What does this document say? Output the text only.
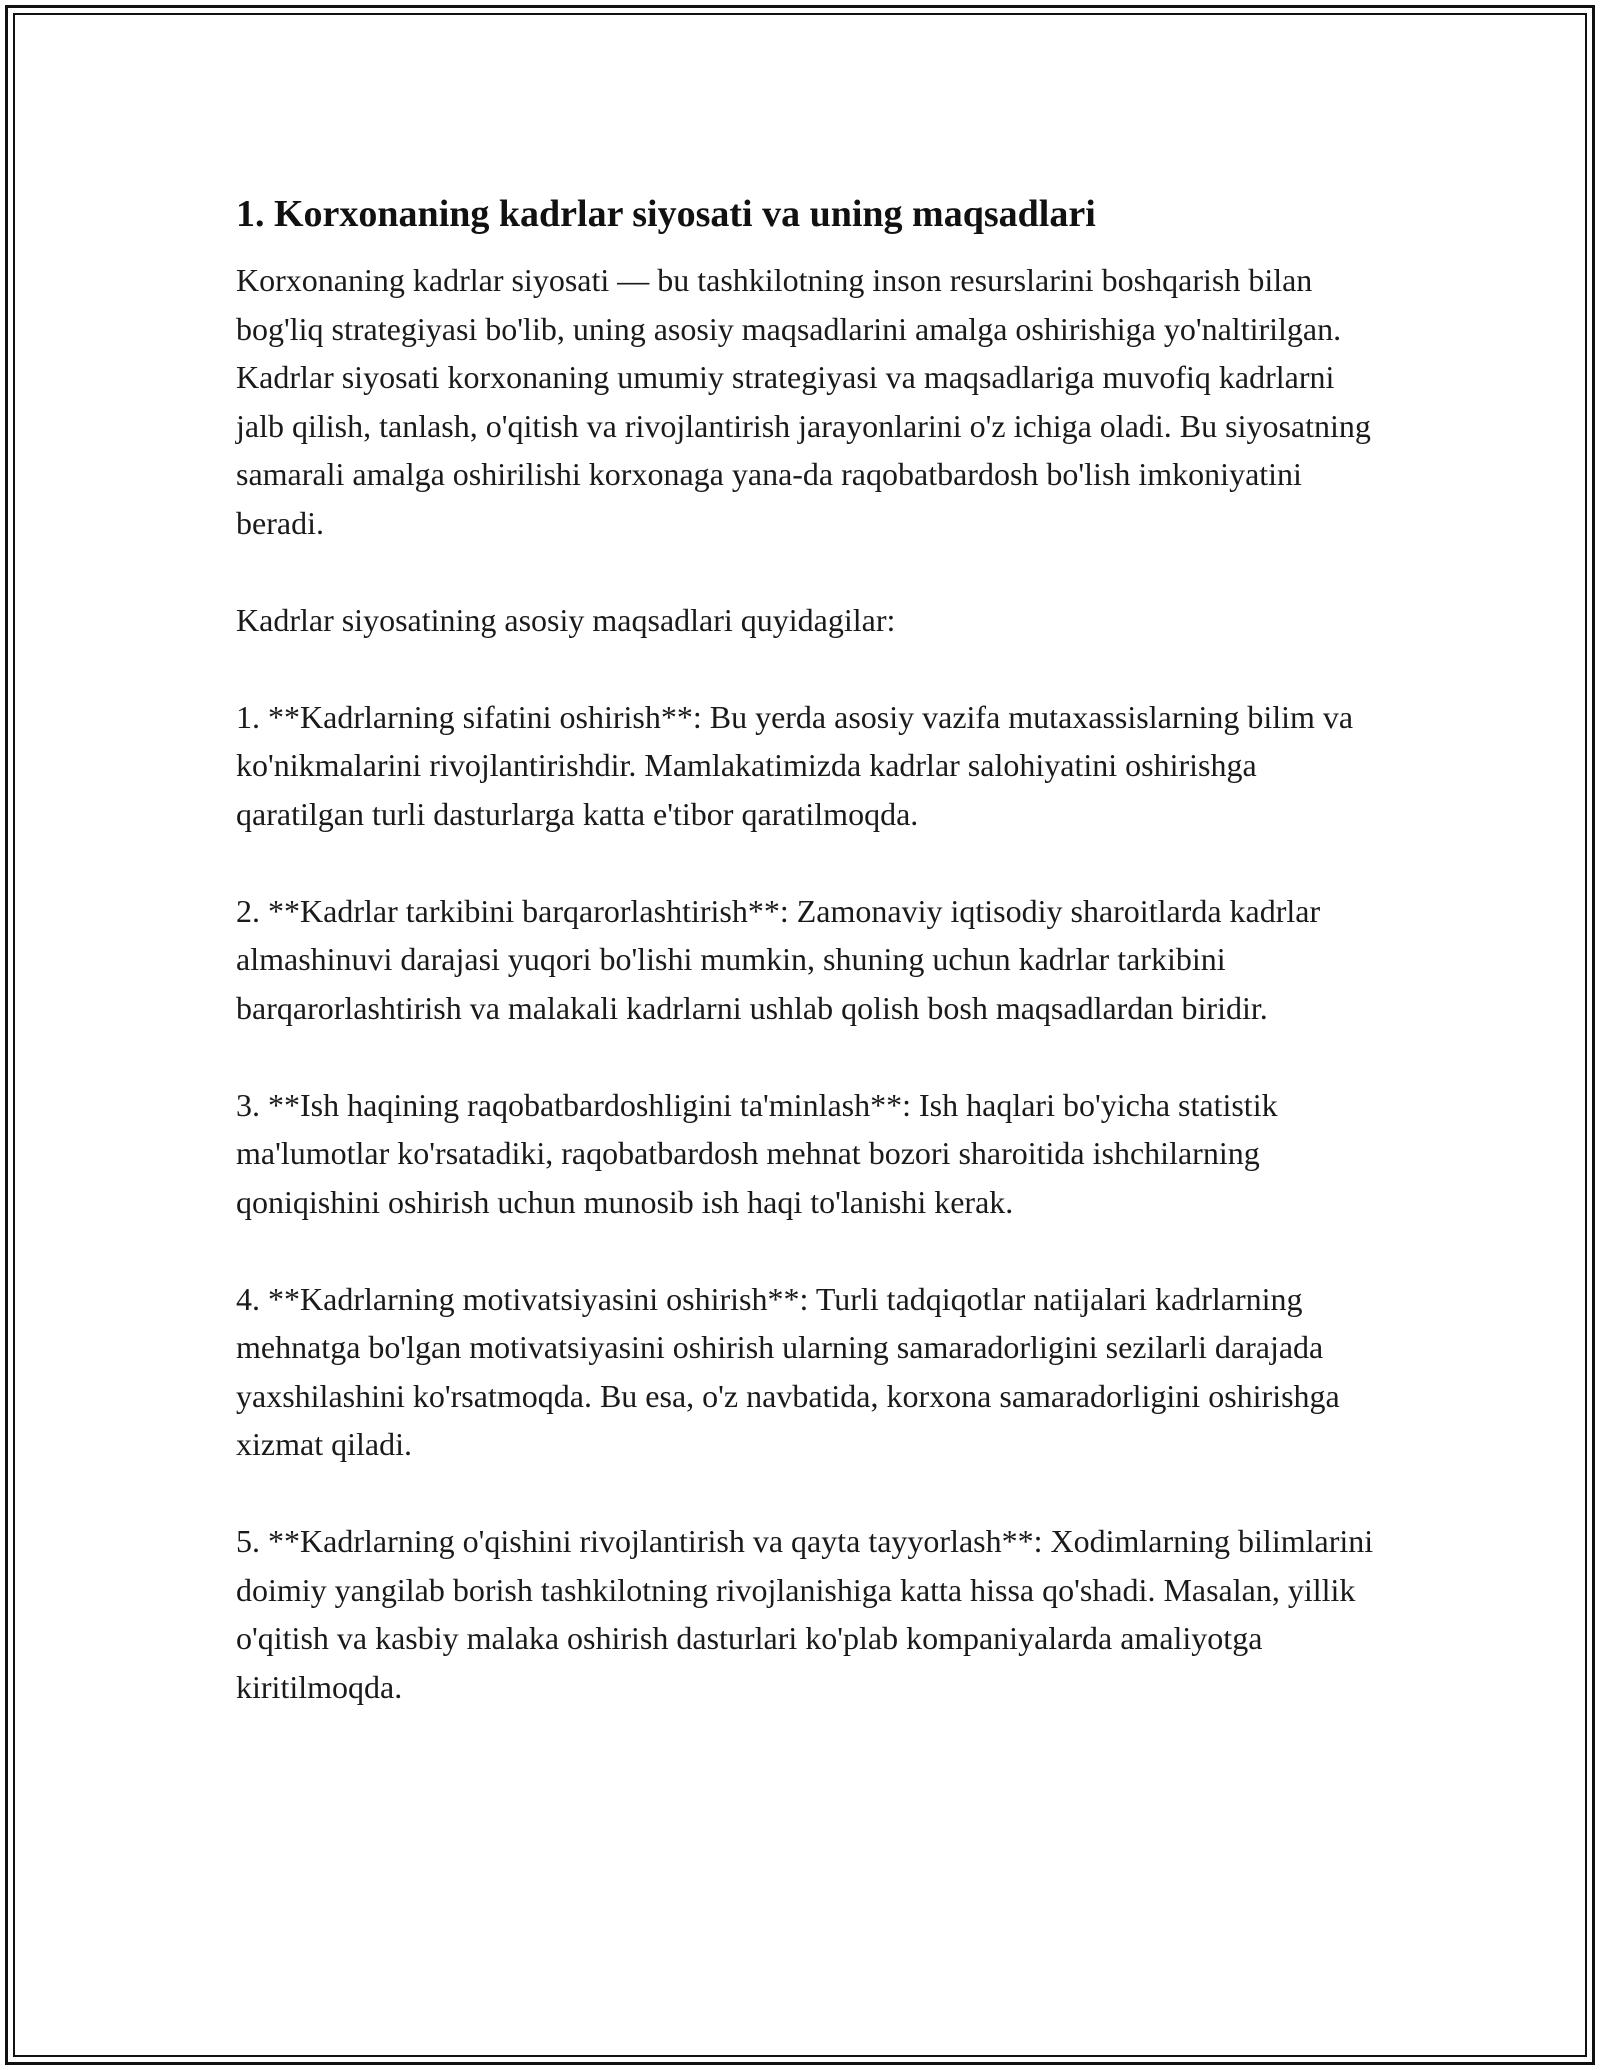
1. Korxonaning kadrlar siyosati va uning maqsadlari

Korxonaning kadrlar siyosati — bu tashkilotning inson resurslarini boshqarish bilan bog'liq strategiyasi bo'lib, uning asosiy maqsadlarini amalga oshirishiga yo'naltirilgan. Kadrlar siyosati korxonaning umumiy strategiyasi va maqsadlariga muvofiq kadrlarni jalb qilish, tanlash, o'qitish va rivojlantirish jarayonlarini o'z ichiga oladi. Bu siyosatning samarali amalga oshirilishi korxonaga yana-da raqobatbardosh bo'lish imkoniyatini beradi.

Kadrlar siyosatining asosiy maqsadlari quyidagilar:

1. **Kadrlarning sifatini oshirish**: Bu yerda asosiy vazifa mutaxassislarning bilim va ko'nikmalarini rivojlantirishdir. Mamlakatimizda kadrlar salohiyatini oshirishga qaratilgan turli dasturlarga katta e'tibor qaratilmoqda.

2. **Kadrlar tarkibini barqarorlashtirish**: Zamonaviy iqtisodiy sharoitlarda kadrlar almashinuvi darajasi yuqori bo'lishi mumkin, shuning uchun kadrlar tarkibini barqarorlashtirish va malakali kadrlarni ushlab qolish bosh maqsadlardan biridir.

3. **Ish haqining raqobatbardoshligini ta'minlash**: Ish haqlari bo'yicha statistik ma'lumotlar ko'rsatadiki, raqobatbardosh mehnat bozori sharoitida ishchilarning qoniqishini oshirish uchun munosib ish haqi to'lanishi kerak.

4. **Kadrlarning motivatsiyasini oshirish**: Turli tadqiqotlar natijalari kadrlarning mehnatga bo'lgan motivatsiyasini oshirish ularning samaradorligini sezilarli darajada yaxshilashini ko'rsatmoqda. Bu esa, o'z navbatida, korxona samaradorligini oshirishga xizmat qiladi.

5. **Kadrlarning o'qishini rivojlantirish va qayta tayyorlash**: Xodimlarning bilimlarini doimiy yangilab borish tashkilotning rivojlanishiga katta hissa qo'shadi. Masalan, yillik o'qitish va kasbiy malaka oshirish dasturlari ko'plab kompaniyalarda amaliyotga kiritilmoqda.
